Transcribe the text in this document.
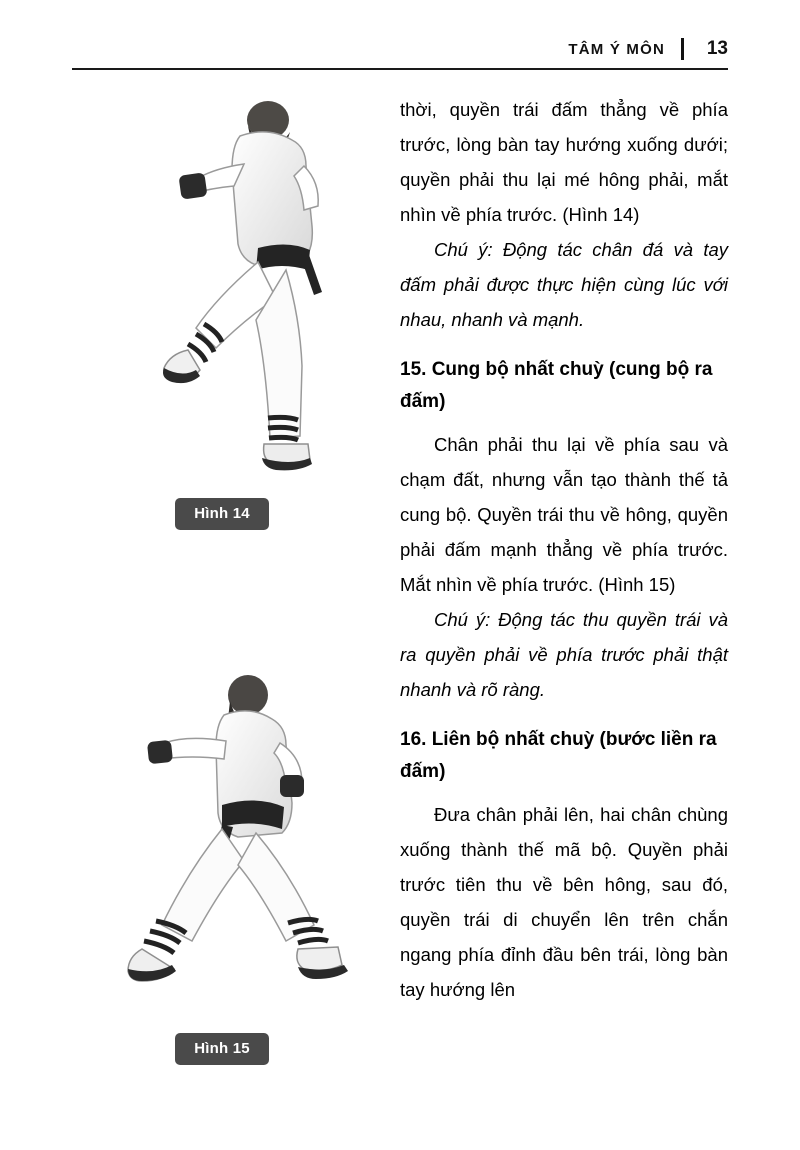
TÂM Ý MÔN 13
Hình 14
Hình 15

thời, quyền trái đấm thẳng về phía trước, lòng bàn tay hướng xuống dưới; quyền phải thu lại mé hông phải, mắt nhìn về phía trước. (Hình 14)

Chú ý: Động tác chân đá và tay đấm phải được thực hiện cùng lúc với nhau, nhanh và mạnh.

15. Cung bộ nhất chuỳ (cung bộ ra đấm)

Chân phải thu lại về phía sau và chạm đất, nhưng vẫn tạo thành thế tả cung bộ. Quyền trái thu về hông, quyền phải đấm mạnh thẳng về phía trước. Mắt nhìn về phía trước. (Hình 15)

Chú ý: Động tác thu quyền trái và ra quyền phải về phía trước phải thật nhanh và rõ ràng.

16. Liên bộ nhất chuỳ (bước liền ra đấm)

Đưa chân phải lên, hai chân chùng xuống thành thế mã bộ. Quyền phải trước tiên thu về bên hông, sau đó, quyền trái di chuyển lên trên chắn ngang phía đỉnh đầu bên trái, lòng bàn tay hướng lên
